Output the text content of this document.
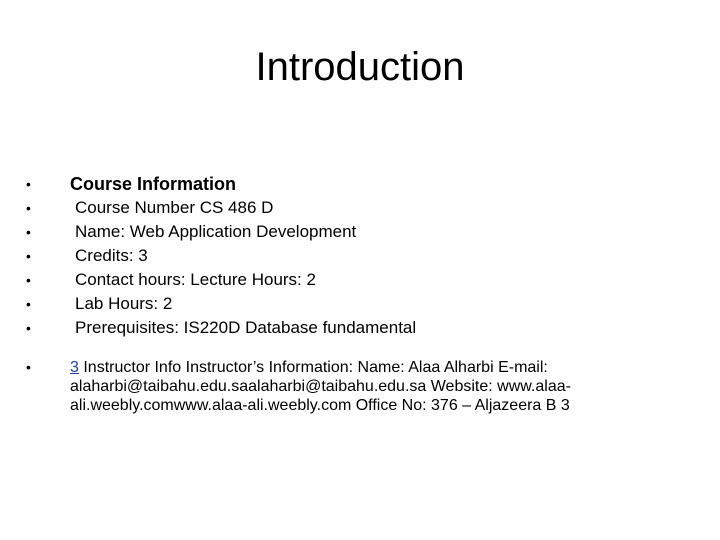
Introduction
• Course Information
•	Course Number CS 486 D
•	Name: Web Application Development
•	Credits: 3
•	Contact hours: Lecture Hours: 2
•	Lab Hours: 2
•	Prerequisites: IS220D Database fundamental
• 3 Instructor Info Instructor’s Information: Name: Alaa Alharbi E-mail: alaharbi@taibahu.edu.saalaharbi@taibahu.edu.sa Website: www.alaa-ali.weebly.comwww.alaa-ali.weebly.com Office No: 376 – Aljazeera B 3
